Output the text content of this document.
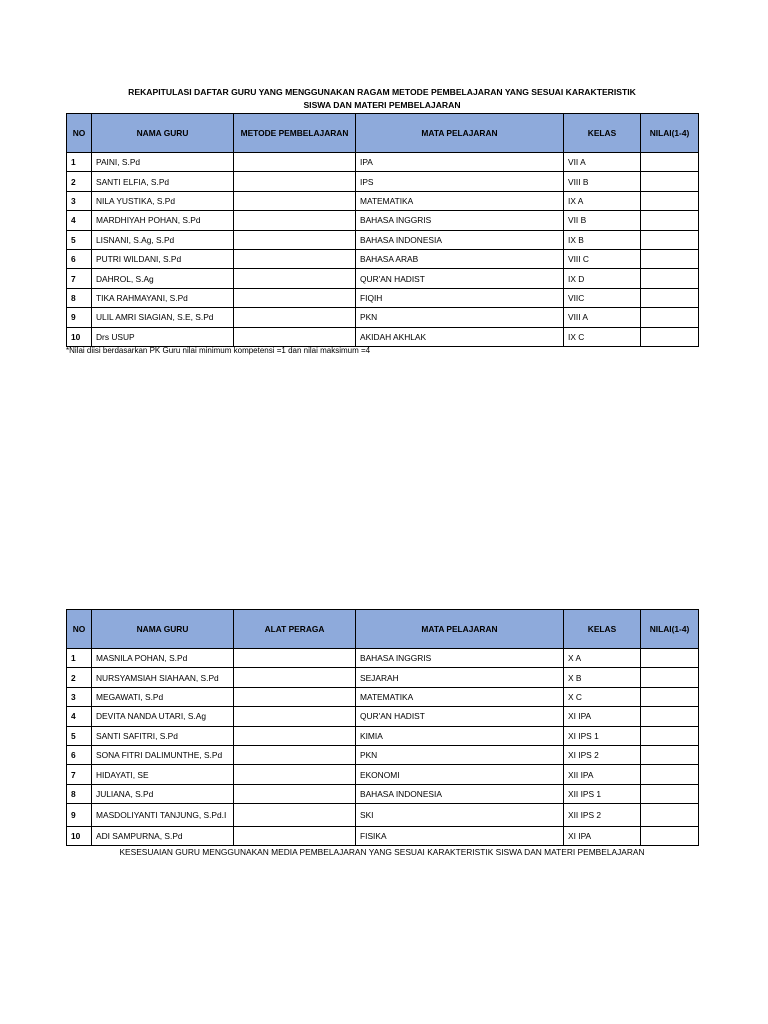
REKAPITULASI DAFTAR GURU YANG MENGGUNAKAN RAGAM METODE PEMBELAJARAN YANG SESUAI KARAKTERISTIK
SISWA DAN MATERI PEMBELAJARAN
NO	NAMA GURU	METODE PEMBELAJARAN	MATA PELAJARAN	KELAS	NILAI(1-4)
1	PAINI, S.Pd		IPA	VII A	
2	SANTI ELFIA, S.Pd		IPS	VIII B	
3	NILA YUSTIKA, S.Pd		MATEMATIKA	IX A	
4	MARDHIYAH POHAN, S.Pd		BAHASA INGGRIS	VII B	
5	LISNANI, S.Ag, S.Pd		BAHASA INDONESIA	IX B	
6	PUTRI WILDANI, S.Pd		BAHASA ARAB	VIII C	
7	DAHROL, S.Ag		QUR'AN HADIST	IX D	
8	TIKA RAHMAYANI, S.Pd		FIQIH	VIIC	
9	ULIL AMRI SIAGIAN, S.E, S.Pd		PKN	VIII A	
10	Drs USUP		AKIDAH AKHLAK	IX C	
*Nilai diisi berdasarkan PK Guru nilai minimum kompetensi =1 dan nilai maksimum =4
NO	NAMA GURU	ALAT PERAGA	MATA PELAJARAN	KELAS	NILAI(1-4)
1	MASNILA POHAN, S.Pd		BAHASA INGGRIS	X A	
2	NURSYAMSIAH SIAHAAN, S.Pd		SEJARAH	X B	
3	MEGAWATI, S.Pd		MATEMATIKA	X C	
4	DEVITA NANDA UTARI, S.Ag		QUR'AN HADIST	XI IPA	
5	SANTI SAFITRI, S.Pd		KIMIA	XI IPS 1	
6	SONA FITRI DALIMUNTHE, S.Pd		PKN	XI IPS 2	
7	HIDAYATI, SE		EKONOMI	XII IPA	
8	JULIANA, S.Pd		BAHASA INDONESIA	XII IPS 1	
9	MASDOLIYANTI TANJUNG, S.Pd.I		SKI	XII IPS 2	
10	ADI SAMPURNA, S.Pd		FISIKA	XI IPA	
KESESUAIAN GURU MENGGUNAKAN MEDIA PEMBELAJARAN YANG SESUAI KARAKTERISTIK SISWA DAN MATERI PEMBELAJARAN
